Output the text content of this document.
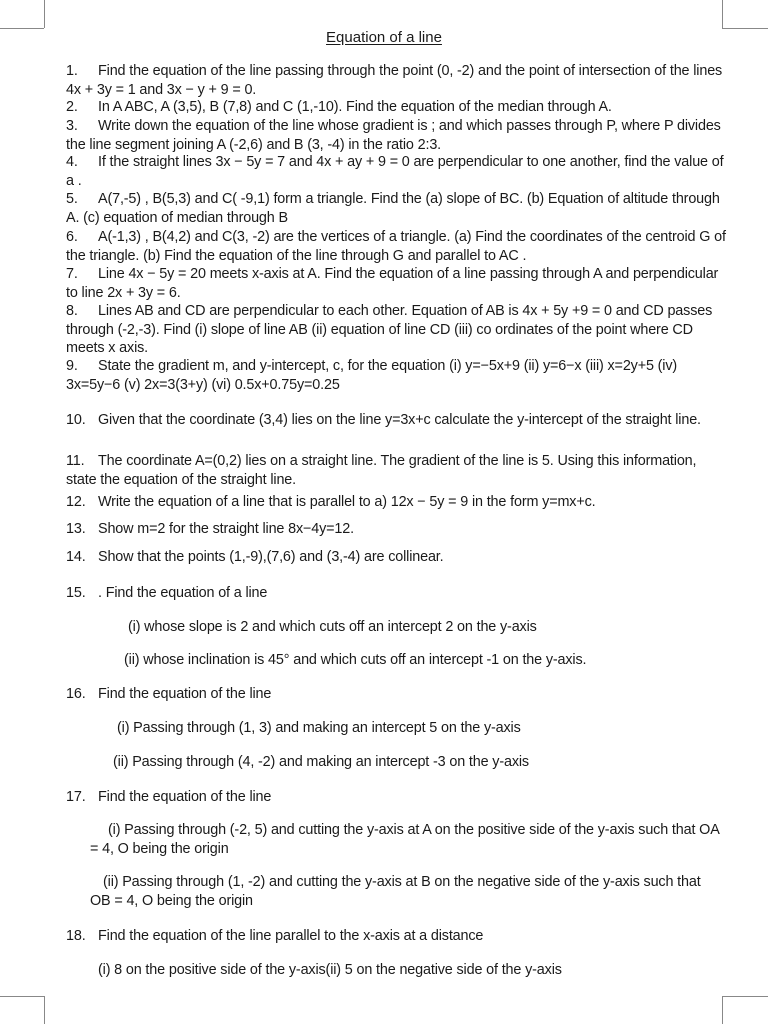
Equation of a line
1.	Find the equation of the line passing through the point (0, -2) and the point of intersection of the lines 4x + 3y = 1 and 3x − y + 9 = 0.
2.	In A ABC, A (3,5), B (7,8) and C (1,-10). Find the equation of the median through A.
3.	Write down the equation of the line whose gradient is ; and which passes through P, where P divides the line segment joining A (-2,6) and B (3, -4) in the ratio 2:3.
4.	If the straight lines 3x − 5y = 7 and 4x + ay + 9 = 0 are perpendicular to one another, find the value of a .
5.	A(7,-5) , B(5,3) and C( -9,1) form a triangle. Find the (a) slope of BC. (b) Equation of altitude through A. (c) equation of median through B
6.	A(-1,3) , B(4,2) and C(3, -2) are the vertices of a triangle. (a) Find the coordinates of the centroid G of the triangle. (b) Find the equation of the line through G and parallel to AC .
7.	Line 4x − 5y = 20 meets x-axis at A. Find the equation of a line passing through A and perpendicular to line 2x + 3y = 6.
8.	Lines AB and CD are perpendicular to each other. Equation of AB is 4x + 5y +9 = 0 and CD passes through (-2,-3). Find (i) slope of line AB (ii) equation of line CD (iii) co ordinates of the point where CD meets x axis.
9.	State the gradient m, and y-intercept, c, for the equation (i) y=−5x+9 (ii) y=6−x (iii) x=2y+5 (iv) 3x=5y−6 (v) 2x=3(3+y) (vi) 0.5x+0.75y=0.25
10. Given that the coordinate (3,4) lies on the line y=3x+c calculate the y-intercept of the straight line.
11. The coordinate A=(0,2) lies on a straight line. The gradient of the line is 5. Using this information, state the equation of the straight line.
12. Write the equation of a line that is parallel to a) 12x − 5y = 9 in the form y=mx+c.
13. Show m=2 for the straight line 8x−4y=12.
14. Show that the points (1,-9),(7,6) and (3,-4) are collinear.
15. . Find the equation of a line
(i) whose slope is 2 and which cuts off an intercept 2 on the y-axis
(ii) whose inclination is 45° and which cuts off an intercept -1 on the y-axis.
16. Find the equation of the line
(i) Passing through (1, 3) and making an intercept 5 on the y-axis
(ii) Passing through (4, -2) and making an intercept -3 on the y-axis
17. Find the equation of the line
(i) Passing through (-2, 5) and cutting the y-axis at A on the positive side of the y-axis such that OA = 4, O being the origin
(ii) Passing through (1, -2) and cutting the y-axis at B on the negative side of the y-axis such that OB = 4, O being the origin
18. Find the equation of the line parallel to the x-axis at a distance
(i) 8 on the positive side of the y-axis(ii) 5 on the negative side of the y-axis
